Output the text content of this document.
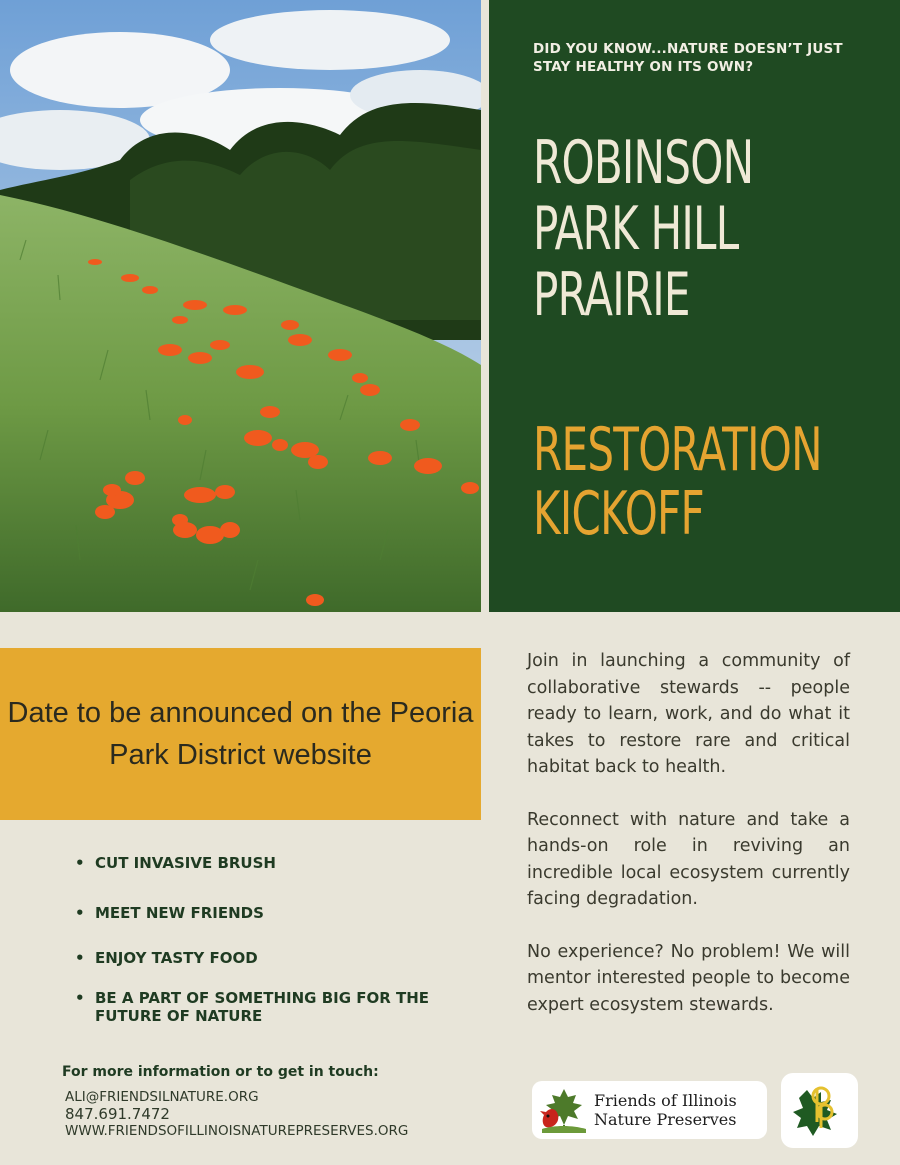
DID YOU KNOW...NATURE DOESN’T JUST STAY HEALTHY ON ITS OWN?
ROBINSON
PARK HILL
PRAIRIE
RESTORATION
KICKOFF
Date to be announced on the Peoria Park District website
• CUT INVASIVE BRUSH
• MEET NEW FRIENDS
• ENJOY TASTY FOOD
• BE A PART OF SOMETHING BIG FOR THE FUTURE OF NATURE

Join in launching a community of collaborative stewards -- people ready to learn, work, and do what it takes to restore rare and critical habitat back to health.

Reconnect with nature and take a hands-on role in reviving an incredible local ecosystem currently facing degradation.

No experience? No problem! We will mentor interested people to become expert ecosystem stewards.

For more information or to get in touch:
ALI@FRIENDSILNATURE.ORG
847.691.7472
WWW.FRIENDSOFILLINOISNATUREPRESERVES.ORG
Friends of Illinois
Nature Preserves
